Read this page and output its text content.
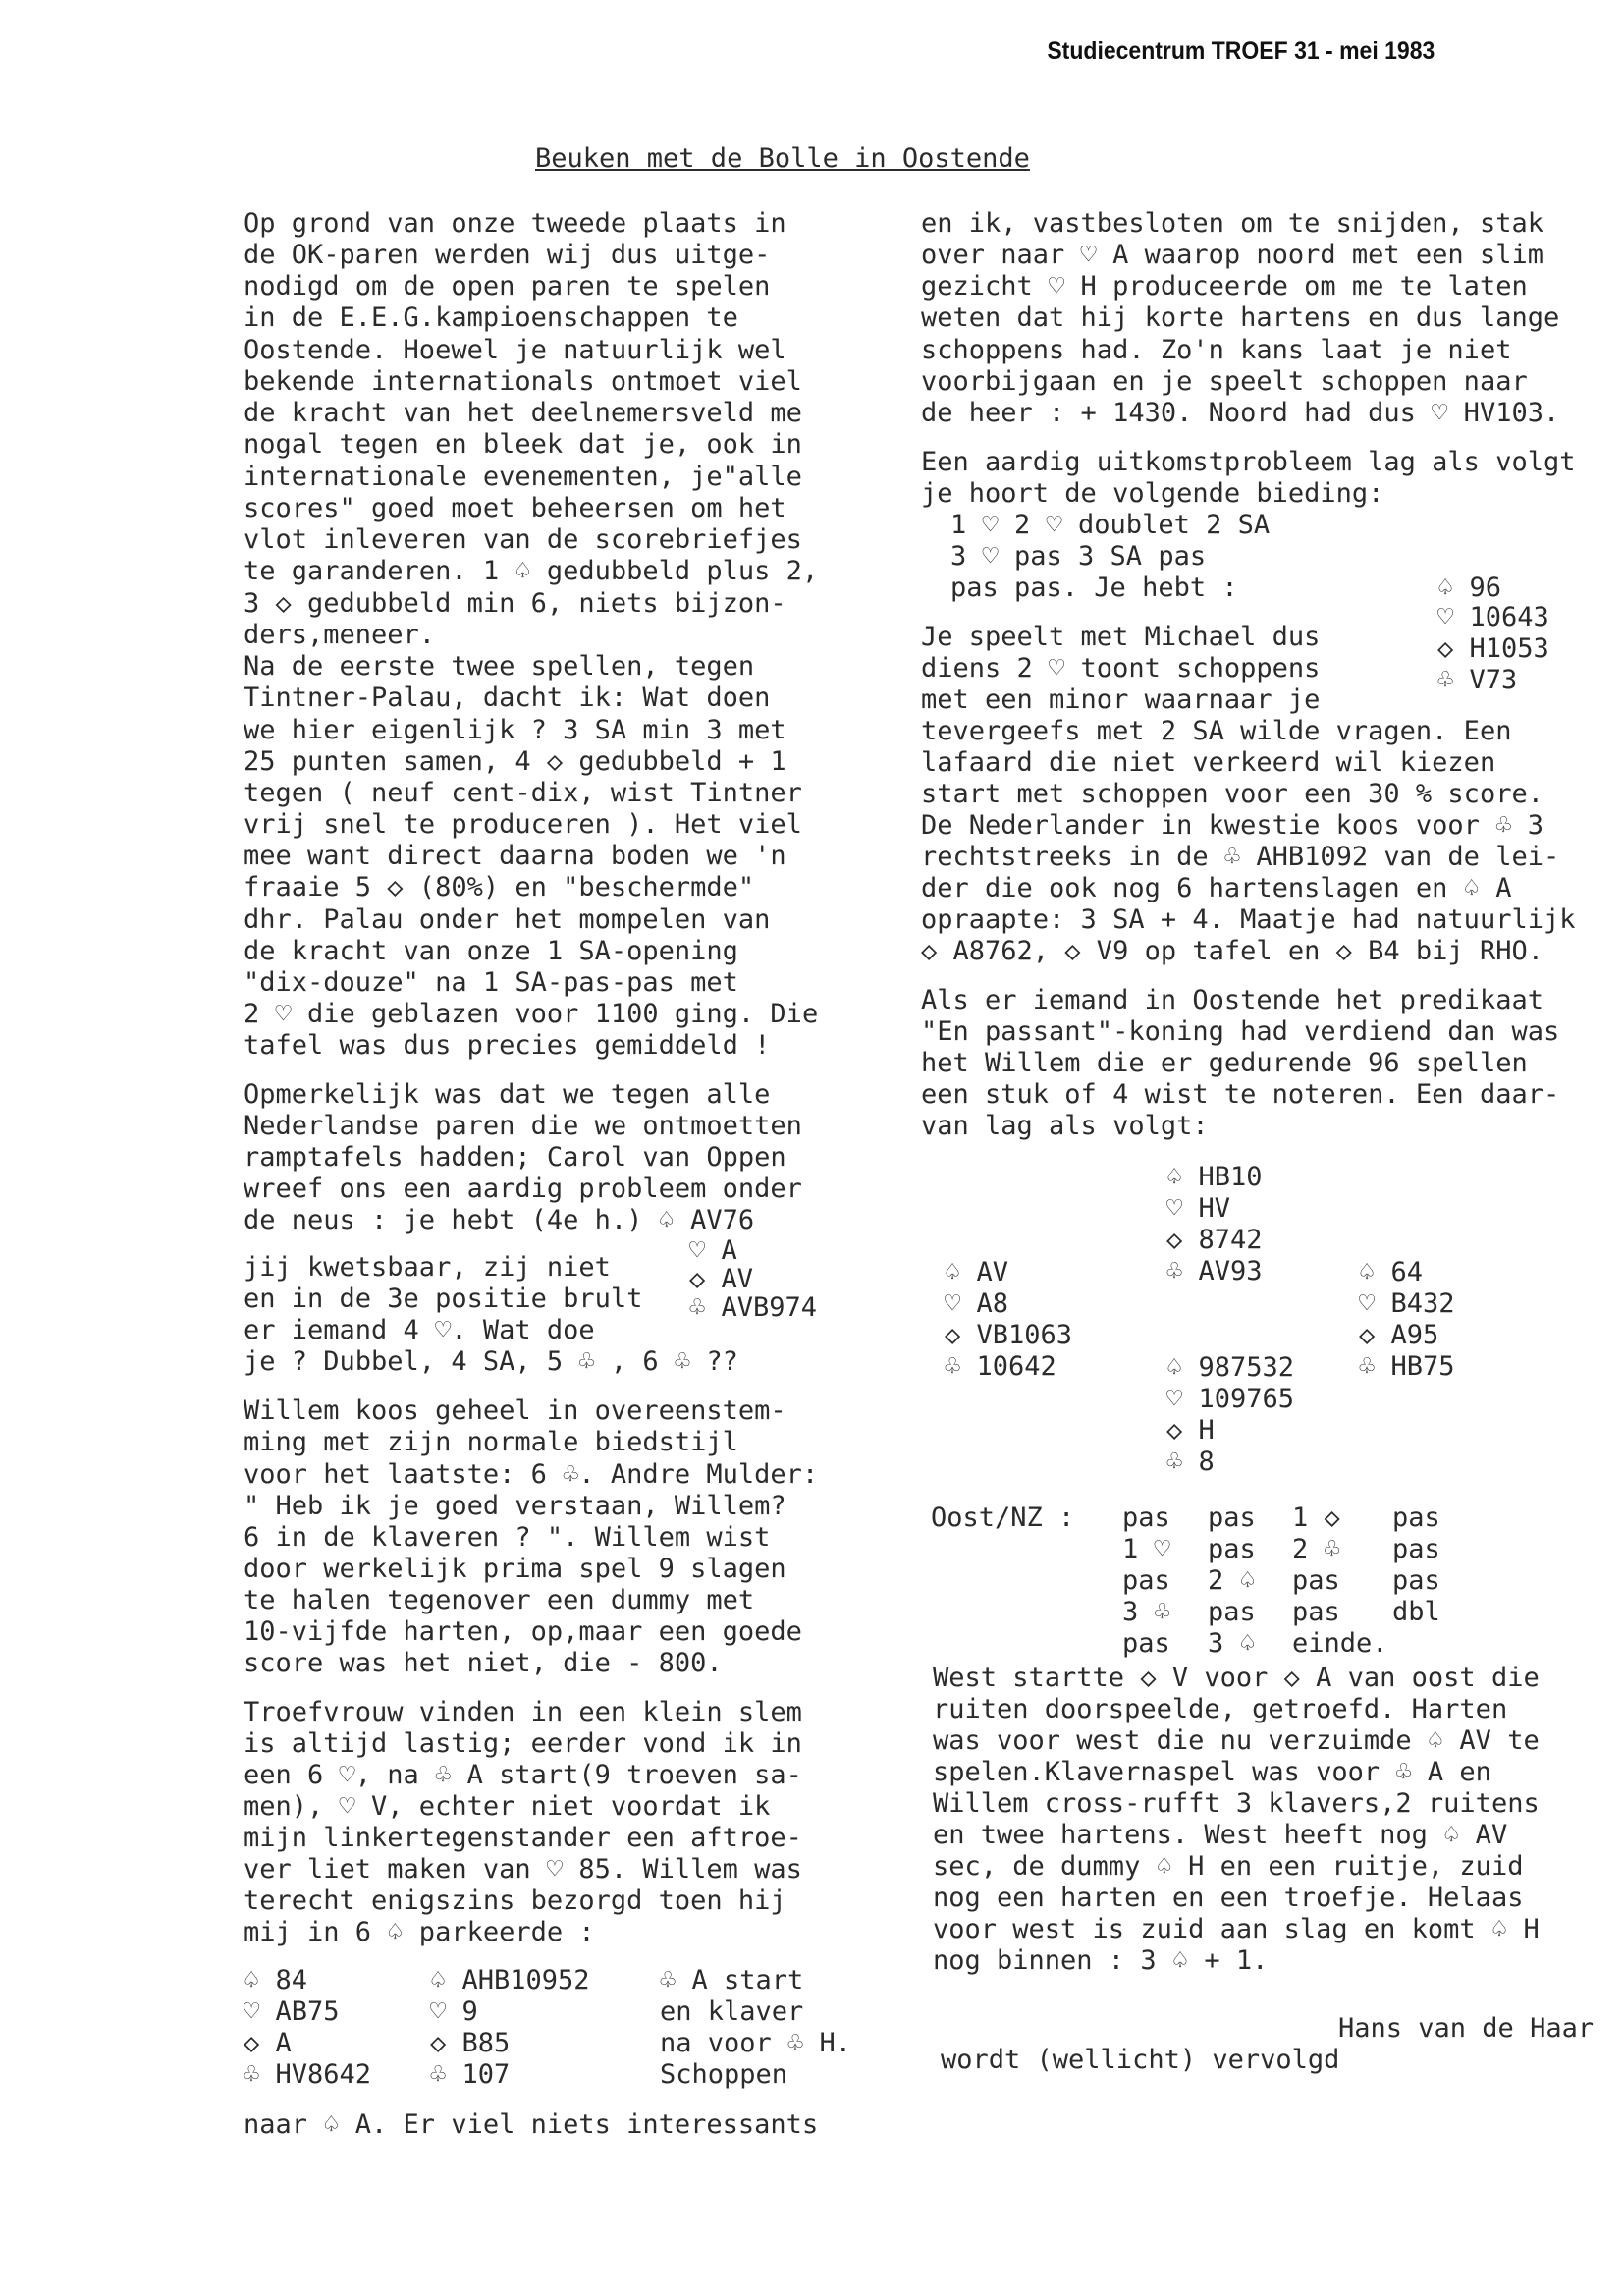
Studiecentrum TROEF 31 - mei 1983
Beuken met de Bolle in Oostende
Op grond van onze tweede plaats in
de OK-paren werden wij dus uitge-
nodigd om de open paren te spelen
in de E.E.G.kampioenschappen te
Oostende. Hoewel je natuurlijk wel
bekende internationals ontmoet viel
de kracht van het deelnemersveld me
nogal tegen en bleek dat je, ook in
internationale evenementen, je"alle
scores" goed moet beheersen om het
vlot inleveren van de scorebriefjes
te garanderen. 1 ♤ gedubbeld plus 2,
3 ◇ gedubbeld min 6, niets bijzon-
ders,meneer.
Na de eerste twee spellen, tegen
Tintner-Palau, dacht ik: Wat doen
we hier eigenlijk ? 3 SA min 3 met
25 punten samen, 4 ◇ gedubbeld + 1
tegen ( neuf cent-dix, wist Tintner
vrij snel te produceren ). Het viel
mee want direct daarna boden we 'n
fraaie 5 ◇ (80%) en "beschermde"
dhr. Palau onder het mompelen van
de kracht van onze 1 SA-opening
"dix-douze" na 1 SA-pas-pas met
2 ♡ die geblazen voor 1100 ging. Die
tafel was dus precies gemiddeld !
Opmerkelijk was dat we tegen alle
Nederlandse paren die we ontmoetten
ramptafels hadden; Carol van Oppen
wreef ons een aardig probleem onder
de neus : je hebt (4e h.) ♤ AV76
♡ A
jij kwetsbaar, zij niet	◇ AV
en in de 3e positie brult ♧ AVB974
er iemand 4 ♡. Wat doe
je ? Dubbel, 4 SA, 5 ♧ , 6 ♧ ??
Willem koos geheel in overeenstem-
ming met zijn normale biedstijl
voor het laatste: 6 ♧. Andre Mulder:
" Heb ik je goed verstaan, Willem?
6 in de klaveren ? ". Willem wist
door werkelijk prima spel 9 slagen
te halen tegenover een dummy met
10-vijfde harten, op,maar een goede
score was het niet, die - 800.
Troefvrouw vinden in een klein slem
is altijd lastig; eerder vond ik in
een 6 ♡, na ♧ A start(9 troeven sa-
men), ♡ V, echter niet voordat ik
mijn linkertegenstander een aftroe-
ver liet maken van ♡ 85. Willem was
terecht enigszins bezorgd toen hij
mij in 6 ♤ parkeerde :
♤ 84
♡ AB75
◇ A
♧ HV8642
♤ AHB10952
♡ 9
◇ B85
♧ 107
♧ A start
en klaver
na voor ♧ H.
Schoppen
naar ♤ A. Er viel niets interessants
en ik, vastbesloten om te snijden, stak
over naar ♡ A waarop noord met een slim
gezicht ♡ H produceerde om me te laten
weten dat hij korte hartens en dus lange
schoppens had. Zo'n kans laat je niet
voorbijgaan en je speelt schoppen naar
de heer : + 1430. Noord had dus ♡ HV103.
Een aardig uitkomstprobleem lag als volgt
je hoort de volgende bieding:
1 ♡ 2 ♡ doublet 2 SA
3 ♡ pas 3 SA pas
pas pas. Je hebt :	♤ 96
♡ 10643
◇ H1053
♧ V73
Je speelt met Michael dus
diens 2 ♡ toont schoppens
met een minor waarnaar je
tevergeefs met 2 SA wilde vragen. Een
lafaard die niet verkeerd wil kiezen
start met schoppen voor een 30 % score.
De Nederlander in kwestie koos voor ♧ 3
rechtstreeks in de ♧ AHB1092 van de lei-
der die ook nog 6 hartenslagen en ♤ A
opraapte: 3 SA + 4. Maatje had natuurlijk
◇ A8762, ◇ V9 op tafel en ◇ B4 bij RHO.
Als er iemand in Oostende het predikaat
"En passant"-koning had verdiend dan was
het Willem die er gedurende 96 spellen
een stuk of 4 wist te noteren. Een daar-
van lag als volgt:
♤ HB10
♡ HV
◇ 8742
♧ AV93
♤ AV
♡ A8
◇ VB1063
♧ 10642
♤ 64
♡ B432
◇ A95
♧ HB75
♤ 987532
♡ 109765
◇ H
♧ 8
Oost/NZ : pas pas 1 ◇ pas
1 ♡ pas 2 ♧ pas
pas 2 ♤ pas pas
3 ♧ pas pas dbl
pas 3 ♤ einde.
West startte ◇ V voor ◇ A van oost die
ruiten doorspeelde, getroefd. Harten
was voor west die nu verzuimde ♤ AV te
spelen.Klavernaspel was voor ♧ A en
Willem cross-rufft 3 klavers,2 ruitens
en twee hartens. West heeft nog ♤ AV
sec, de dummy ♤ H en een ruitje, zuid
nog een harten en een troefje. Helaas
voor west is zuid aan slag en komt ♤ H
nog binnen : 3 ♤ + 1.
Hans van de Haar
wordt (wellicht) vervolgd
